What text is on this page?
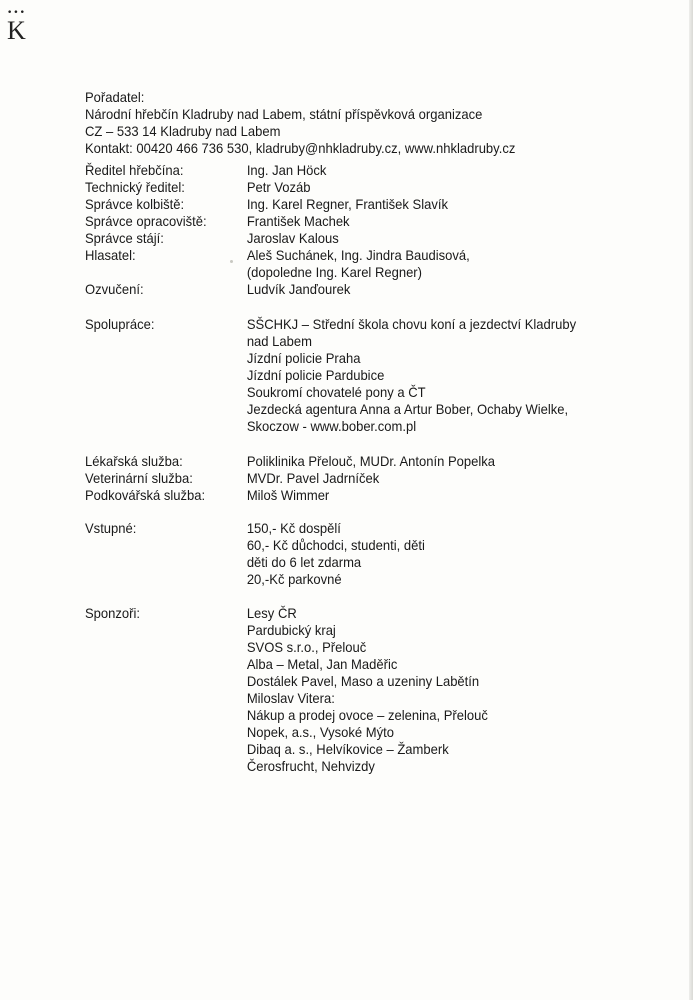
•••
K
Pořadatel:
Národní hřebčín Kladruby nad Labem, státní příspěvková organizace
CZ – 533 14 Kladruby nad Labem
Kontakt: 00420 466 736 530, kladruby@nhkladruby.cz, www.nhkladruby.cz
Ředitel hřebčína:	Ing. Jan Höck
Technický ředitel:	Petr Vozáb
Správce kolbiště:	Ing. Karel Regner, František Slavík
Správce opracoviště:	František Machek
Správce stájí:	Jaroslav Kalous
Hlasatel:	Aleš Suchánek, Ing. Jindra Baudisová,
(dopoledne Ing. Karel Regner)
Ozvučení:	Ludvík Janďourek
Spolupráce:	SŠCHKJ – Střední škola chovu koní a jezdectví Kladruby
nad Labem
Jízdní policie Praha
Jízdní policie Pardubice
Soukromí chovatelé pony a ČT
Jezdecká agentura Anna a Artur Bober, Ochaby Wielke,
Skoczow - www.bober.com.pl
Lékařská služba:	Poliklinika Přelouč, MUDr. Antonín Popelka
Veterinární služba:	MVDr. Pavel Jadrníček
Podkovářská služba:	Miloš Wimmer
Vstupné:	150,- Kč dospělí
60,- Kč důchodci, studenti, děti
děti do 6 let zdarma
20,-Kč parkovné
Sponzoři:	Lesy ČR
Pardubický kraj
SVOS s.r.o., Přelouč
Alba – Metal, Jan Maděřic
Dostálek Pavel, Maso a uzeniny Labětín
Miloslav Vitera:
Nákup a prodej ovoce – zelenina, Přelouč
Nopek, a.s., Vysoké Mýto
Dibaq a. s., Helvíkovice – Žamberk
Čerosfrucht, Nehvizdy
